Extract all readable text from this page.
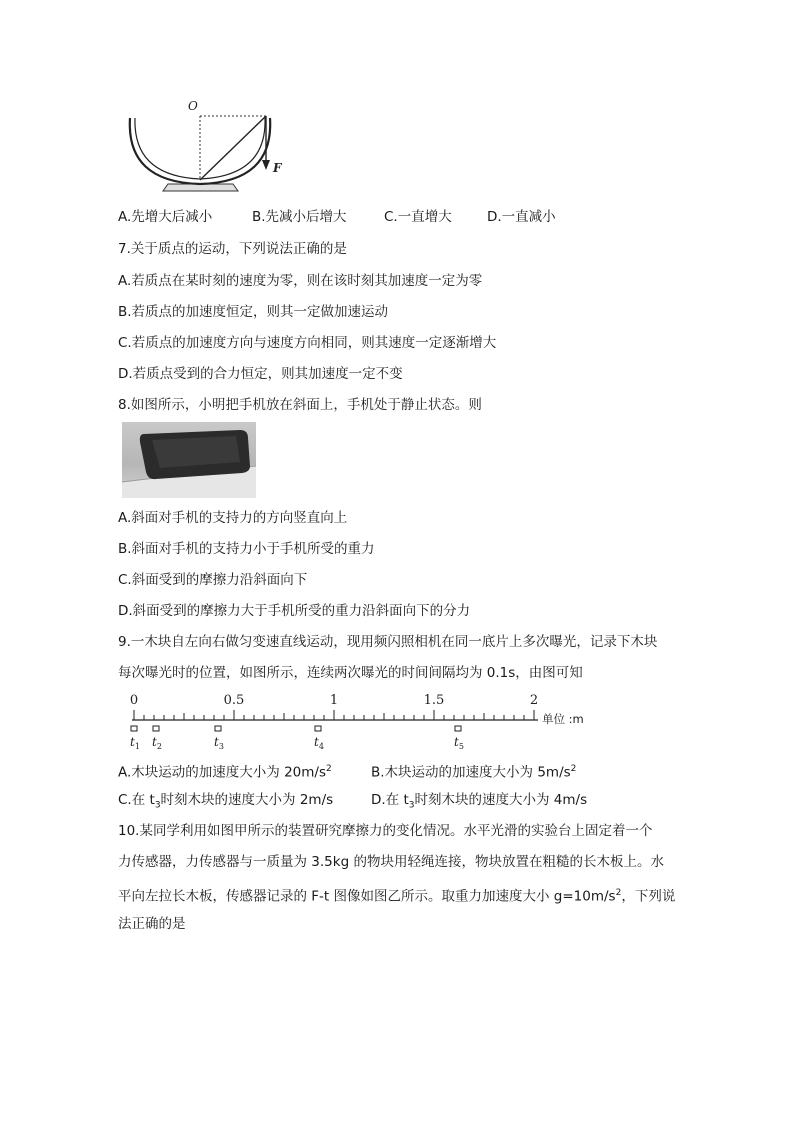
O
F
A.先增大后减小	B.先减小后增大	C.一直增大	D.一直减小
7.关于质点的运动，下列说法正确的是
A.若质点在某时刻的速度为零，则在该时刻其加速度一定为零
B.若质点的加速度恒定，则其一定做加速运动
C.若质点的加速度方向与速度方向相同，则其速度一定逐渐增大
D.若质点受到的合力恒定，则其加速度一定不变
8.如图所示，小明把手机放在斜面上，手机处于静止状态。则
A.斜面对手机的支持力的方向竖直向上
B.斜面对手机的支持力小于手机所受的重力
C.斜面受到的摩擦力沿斜面向下
D.斜面受到的摩擦力大于手机所受的重力沿斜面向下的分力
9.一木块自左向右做匀变速直线运动，现用频闪照相机在同一底片上多次曝光，记录下木块
每次曝光时的位置，如图所示，连续两次曝光的时间间隔均为 0.1s，由图可知
0	0.5	1	1.5	2
单位 :m
$t_1$ $t_2$	$t_3$	$t_4$	$t_5$
A.木块运动的加速度大小为 $20m/s^2$	B.木块运动的加速度大小为 $5m/s^2$
C.在 $t_3$时刻木块的速度大小为 2m/s	D.在 $t_3$时刻木块的速度大小为 4m/s
10.某同学利用如图甲所示的装置研究摩擦力的变化情况。水平光滑的实验台上固定着一个
力传感器，力传感器与一质量为 3.5kg 的物块用轻绳连接，物块放置在粗糙的长木板上。水
平向左拉长木板，传感器记录的 F-t 图像如图乙所示。取重力加速度大小 $g=10m/s^2$，下列说
法正确的是
